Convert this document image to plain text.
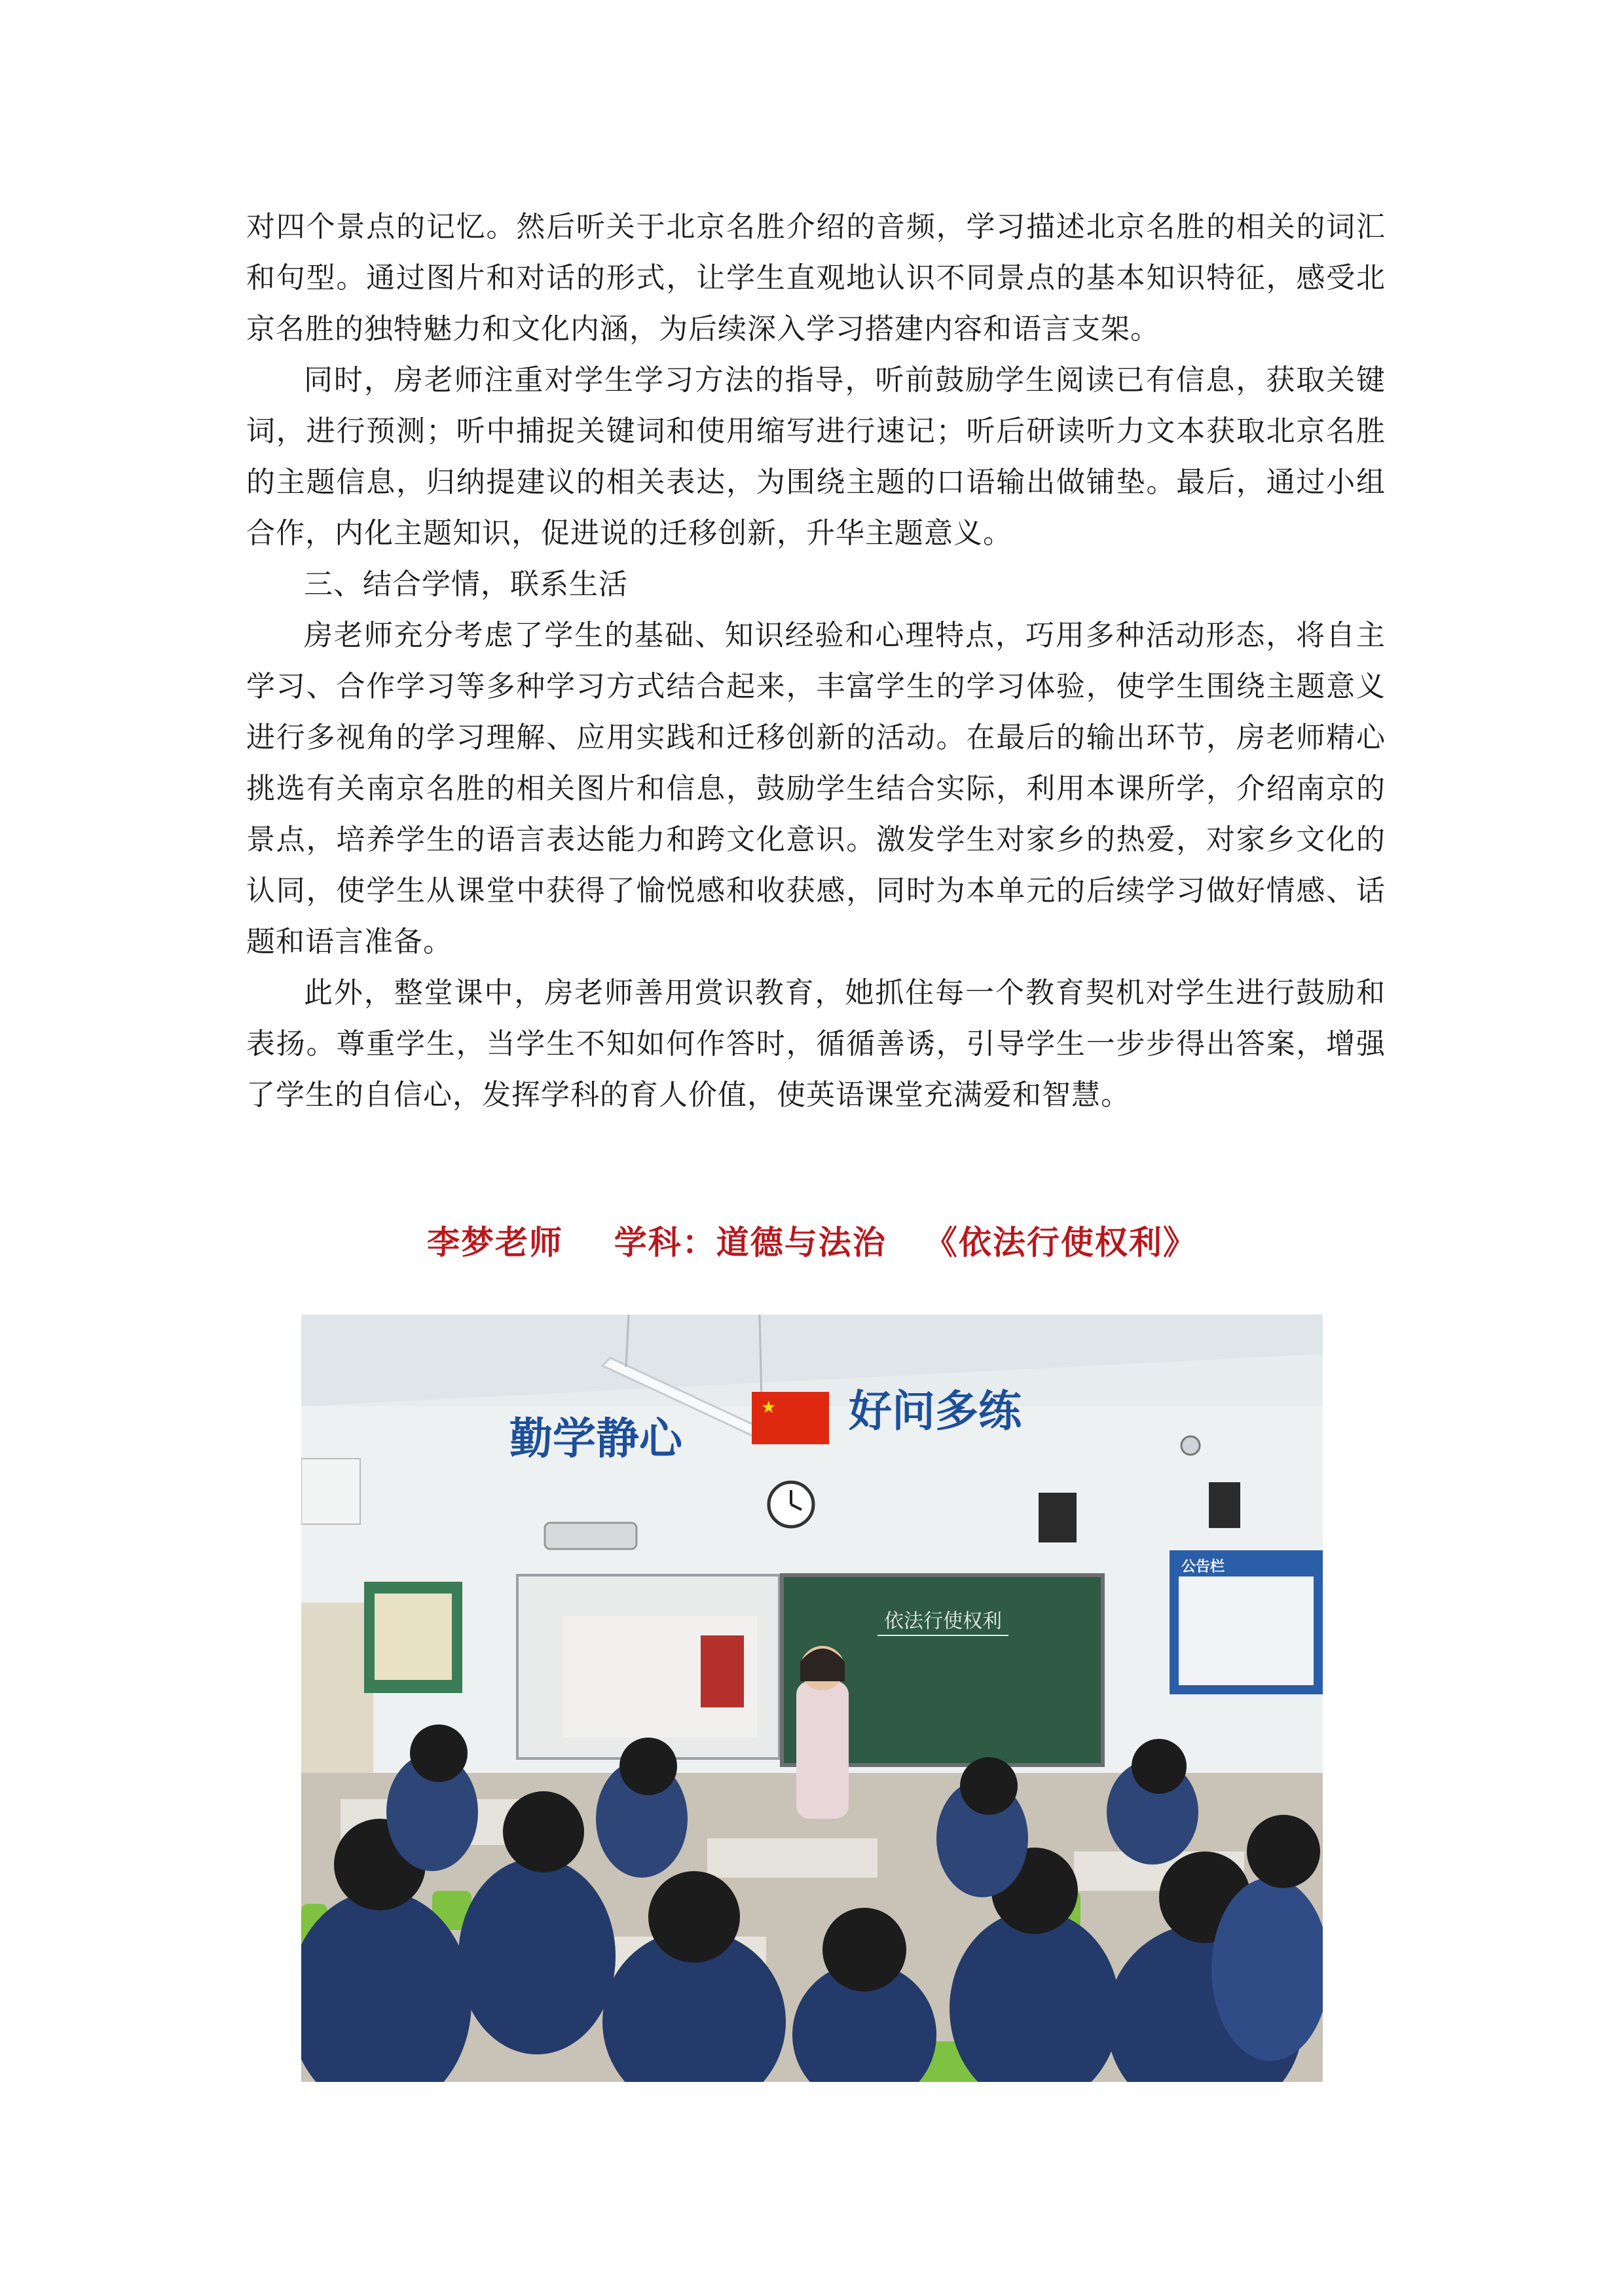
对四个景点的记忆。然后听关于北京名胜介绍的音频，学习描述北京名胜的相关的词汇和句型。通过图片和对话的形式，让学生直观地认识不同景点的基本知识特征，感受北京名胜的独特魅力和文化内涵，为后续深入学习搭建内容和语言支架。

同时，房老师注重对学生学习方法的指导，听前鼓励学生阅读已有信息，获取关键词，进行预测；听中捕捉关键词和使用缩写进行速记；听后研读听力文本获取北京名胜的主题信息，归纳提建议的相关表达，为围绕主题的口语输出做铺垫。最后，通过小组合作，内化主题知识，促进说的迁移创新，升华主题意义。

三、结合学情，联系生活

房老师充分考虑了学生的基础、知识经验和心理特点，巧用多种活动形态，将自主学习、合作学习等多种学习方式结合起来，丰富学生的学习体验，使学生围绕主题意义进行多视角的学习理解、应用实践和迁移创新的活动。在最后的输出环节，房老师精心挑选有关南京名胜的相关图片和信息，鼓励学生结合实际，利用本课所学，介绍南京的景点，培养学生的语言表达能力和跨文化意识。激发学生对家乡的热爱，对家乡文化的认同，使学生从课堂中获得了愉悦感和收获感，同时为本单元的后续学习做好情感、话题和语言准备。

此外，整堂课中，房老师善用赏识教育，她抓住每一个教育契机对学生进行鼓励和表扬。尊重学生，当学生不知如何作答时，循循善诱，引导学生一步步得出答案，增强了学生的自信心，发挥学科的育人价值，使英语课堂充满爱和智慧。

李梦老师    学科：道德与法治   《依法行使权利》
勤学静心
★ 好问多练
依法行使权利
公告栏
